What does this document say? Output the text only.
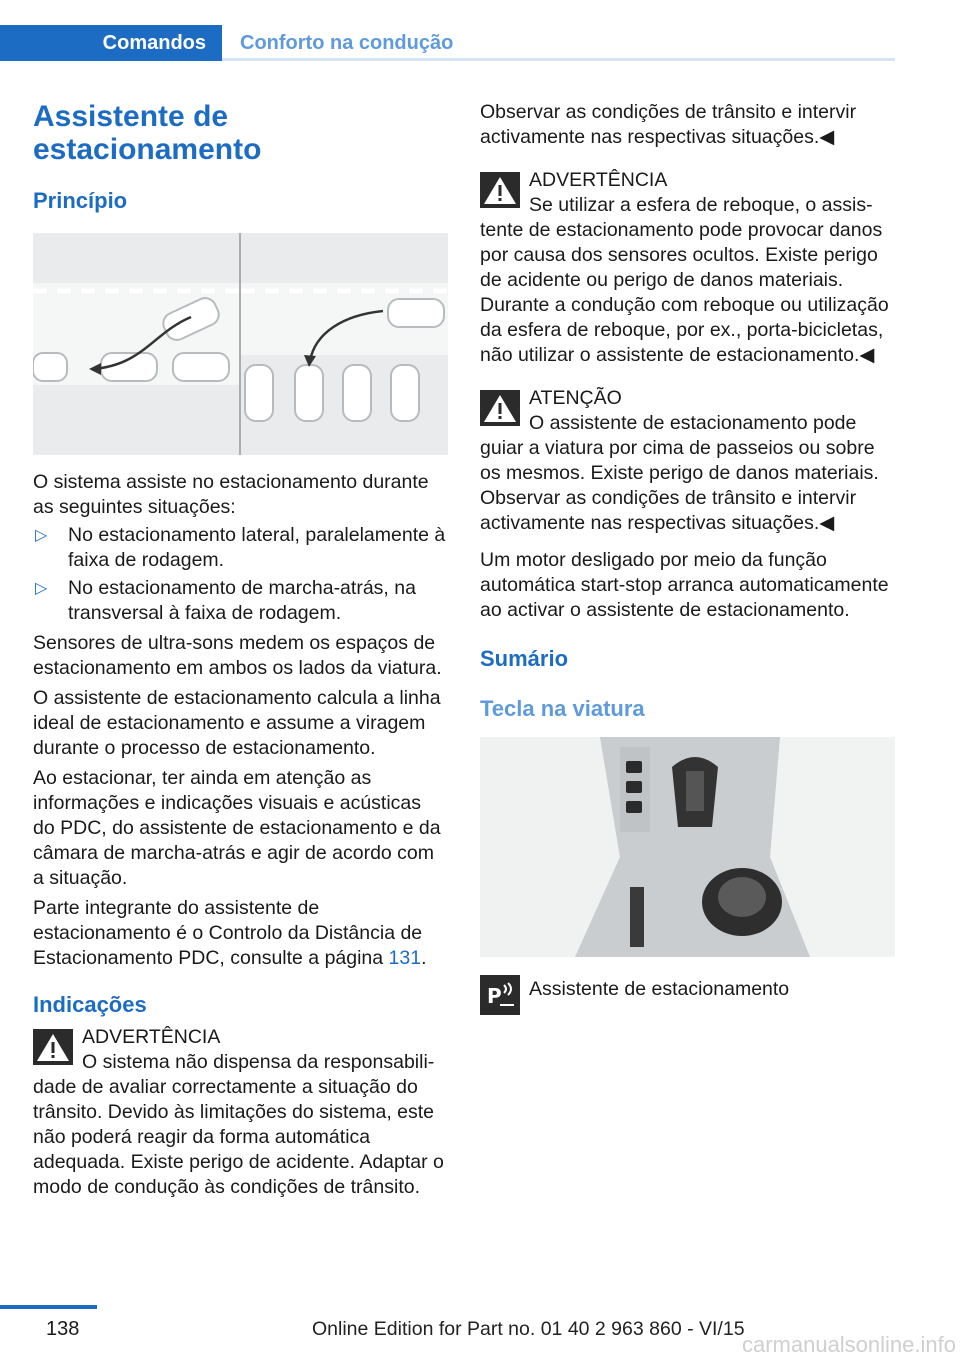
Comandos	Conforto na condução
Assistente de
estacionamento
Princípio

O sistema assiste no estacionamento durante as seguintes situações:

▷	No estacionamento lateral, paralelamente à faixa de rodagem.
▷	No estacionamento de marcha-atrás, na transversal à faixa de rodagem.

Sensores de ultra-sons medem os espaços de estacionamento em ambos os lados da viatura.

O assistente de estacionamento calcula a linha ideal de estacionamento e assume a viragem durante o processo de estacionamento.

Ao estacionar, ter ainda em atenção as informações e indicações visuais e acústicas do PDC, do assistente de estacionamento e da câmara de marcha-atrás e agir de acordo com a situação.

Parte integrante do assistente de estacionamento é o Controlo da Distância de Estacionamento PDC, consulte a página 131.

Indicações
ADVERTÊNCIA
O sistema não dispensa da responsabili-
dade de avaliar correctamente a situação do trânsito. Devido às limitações do sistema, este não poderá reagir da forma automática adequada. Existe perigo de acidente. Adaptar o modo de condução às condições de trânsito.

Observar as condições de trânsito e intervir activamente nas respectivas situações.◀

ADVERTÊNCIA
Se utilizar a esfera de reboque, o assis-
tente de estacionamento pode provocar danos por causa dos sensores ocultos. Existe perigo de acidente ou perigo de danos materiais. Durante a condução com reboque ou utilização da esfera de reboque, por ex., porta-bicicletas, não utilizar o assistente de estacionamento.◀
ATENÇÃO
O assistente de estacionamento pode
guiar a viatura por cima de passeios ou sobre os mesmos. Existe perigo de danos materiais. Observar as condições de trânsito e intervir activamente nas respectivas situações.◀

Um motor desligado por meio da função automática start-stop arranca automaticamente ao activar o assistente de estacionamento.

Sumário
Tecla na viatura
P	Assistente de estacionamento
138	Online Edition for Part no. 01 40 2 963 860 - VI/15
carmanualsonline.info
